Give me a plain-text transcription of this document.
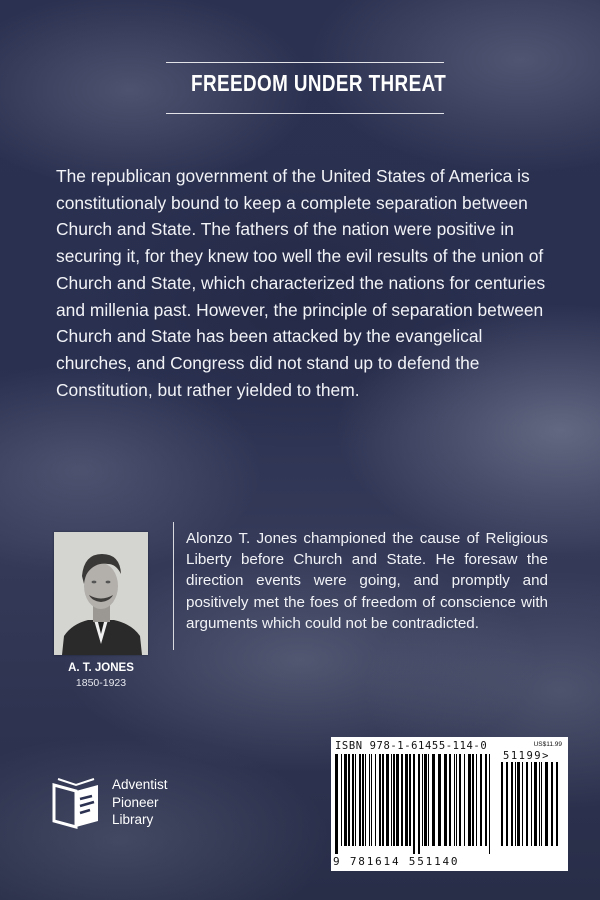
FREEDOM UNDER THREAT

The republican government of the United States of America is constitutionaly bound to keep a complete separation between Church and State. The fathers of the nation were positive in securing it, for they knew too well the evil results of the union of Church and State, which characterized the nations for centuries and millenia past. However, the principle of separation between Church and State has been attacked by the evangelical churches, and Congress did not stand up to defend the Constitution, but rather yielded to them.

A. T. JONES
1850-1923

Alonzo T. Jones championed the cause of Religious Liberty before Church and State. He foresaw the direction events were going, and promptly and positively met the foes of freedom of conscience with arguments which could not be contradicted.

Adventist
Pioneer
Library
ISBN 978-1-61455-114-0	US$11.99
51199>
9 781614 551140
